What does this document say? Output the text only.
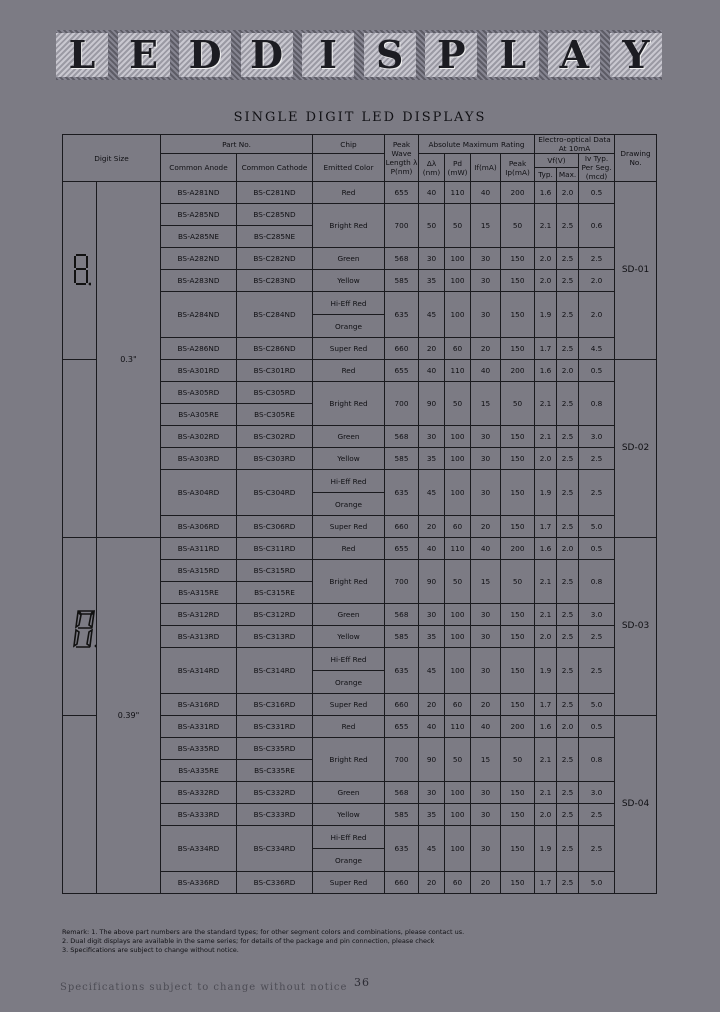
L E D D I	S P L A Y
SINGLE DIGIT LED DISPLAYS
Digit Size		Part No.		Chip	Peak Wave Length λ P(nm)	Absolute Maximum Rating				Electro-optical Data At 10mA			Drawing No.
		Common Anode	Common Cathode	Emitted Color		Δλ (nm)	Pd (mW)	If(mA)	Peak Ip(mA)	Vf(V)		Iv Typ. Per Seg. (mcd)	
										Typ.	Max.		

	0.3"	BS-A281ND	BS-C281ND	Red	655	40	110	40	200	1.6	2.0	0.5	SD-01
		BS-A285ND	BS-C285ND	Bright Red	700	50	50	15	50	2.1	2.5	0.6	
		BS-A285NE	BS-C285NE										
		BS-A282ND	BS-C282ND	Green	568	30	100	30	150	2.0	2.5	2.5	
		BS-A283ND	BS-C283ND	Yellow	585	35	100	30	150	2.0	2.5	2.0	
		BS-A284ND	BS-C284ND	Hi-Eff Red	635	45	100	30	150	1.9	2.5	2.0	
				Orange									
		BS-A286ND	BS-C286ND	Super Red	660	20	60	20	150	1.7	2.5	4.5	
		BS-A301RD	BS-C301RD	Red	655	40	110	40	200	1.6	2.0	0.5	SD-02
		BS-A305RD	BS-C305RD	Bright Red	700	90	50	15	50	2.1	2.5	0.8	
		BS-A305RE	BS-C305RE										
		BS-A302RD	BS-C302RD	Green	568	30	100	30	150	2.1	2.5	3.0	
		BS-A303RD	BS-C303RD	Yellow	585	35	100	30	150	2.0	2.5	2.5	
		BS-A304RD	BS-C304RD	Hi-Eff Red	635	45	100	30	150	1.9	2.5	2.5	
				Orange									
		BS-A306RD	BS-C306RD	Super Red	660	20	60	20	150	1.7	2.5	5.0	

	0.39"	BS-A311RD	BS-C311RD	Red	655	40	110	40	200	1.6	2.0	0.5	SD-03
		BS-A315RD	BS-C315RD	Bright Red	700	90	50	15	50	2.1	2.5	0.8	
		BS-A315RE	BS-C315RE										
		BS-A312RD	BS-C312RD	Green	568	30	100	30	150	2.1	2.5	3.0	
		BS-A313RD	BS-C313RD	Yellow	585	35	100	30	150	2.0	2.5	2.5	
		BS-A314RD	BS-C314RD	Hi-Eff Red	635	45	100	30	150	1.9	2.5	2.5	
				Orange									
		BS-A316RD	BS-C316RD	Super Red	660	20	60	20	150	1.7	2.5	5.0	
		BS-A331RD	BS-C331RD	Red	655	40	110	40	200	1.6	2.0	0.5	SD-04
		BS-A335RD	BS-C335RD	Bright Red	700	90	50	15	50	2.1	2.5	0.8	
		BS-A335RE	BS-C335RE										
		BS-A332RD	BS-C332RD	Green	568	30	100	30	150	2.1	2.5	3.0	
		BS-A333RD	BS-C333RD	Yellow	585	35	100	30	150	2.0	2.5	2.5	
		BS-A334RD	BS-C334RD	Hi-Eff Red	635	45	100	30	150	1.9	2.5	2.5	
				Orange									
		BS-A336RD	BS-C336RD	Super Red	660	20	60	20	150	1.7	2.5	5.0	
Remark: 1. The above part numbers are the standard types; for other segment colors and combinations, please contact us.
2. Dual digit displays are available in the same series; for details of the package and pin connection, please check
3. Specifications are subject to change without notice.
Specifications subject to change without notice 36
